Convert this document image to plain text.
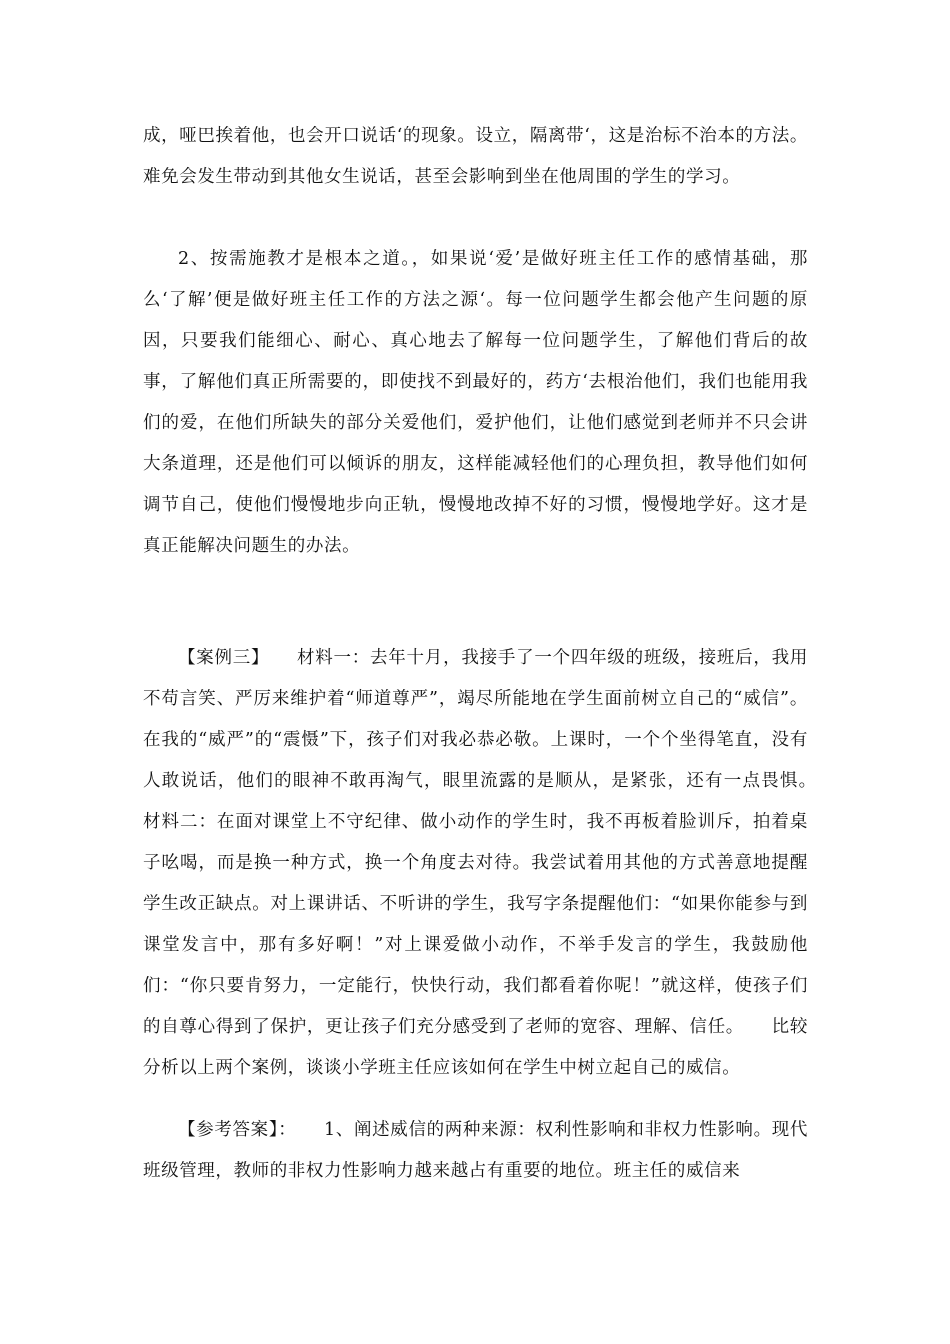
成，哑巴挨着他，也会开口说话‘的现象。设立，隔离带‘，这是治标不治本的方法。难免会发生带动到其他女生说话，甚至会影响到坐在他周围的学生的学习。

2、按需施教才是根本之道。，如果说‘爱’是做好班主任工作的感情基础，那么‘了解’便是做好班主任工作的方法之源‘。每一位问题学生都会他产生问题的原因，只要我们能细心、耐心、真心地去了解每一位问题学生，了解他们背后的故事，了解他们真正所需要的，即使找不到最好的，药方‘去根治他们，我们也能用我们的爱，在他们所缺失的部分关爱他们，爱护他们，让他们感觉到老师并不只会讲大条道理，还是他们可以倾诉的朋友，这样能减轻他们的心理负担，教导他们如何调节自己，使他们慢慢地步向正轨，慢慢地改掉不好的习惯，慢慢地学好。这才是真正能解决问题生的办法。

【案例三】　　材料一：去年十月，我接手了一个四年级的班级，接班后，我用不苟言笑、严厉来维护着“师道尊严”，竭尽所能地在学生面前树立自己的“威信”。在我的“威严”的“震慑”下，孩子们对我必恭必敬。上课时，一个个坐得笔直，没有人敢说话，他们的眼神不敢再淘气，眼里流露的是顺从，是紧张，还有一点畏惧。　　　　　材料二：在面对课堂上不守纪律、做小动作的学生时，我不再板着脸训斥，拍着桌子吆喝，而是换一种方式，换一个角度去对待。我尝试着用其他的方式善意地提醒学生改正缺点。对上课讲话、不听讲的学生，我写字条提醒他们：“如果你能参与到课堂发言中，那有多好啊！”对上课爱做小动作，不举手发言的学生，我鼓励他们：“你只要肯努力，一定能行，快快行动，我们都看着你呢！”就这样，使孩子们的自尊心得到了保护，更让孩子们充分感受到了老师的宽容、理解、信任。　　比较分析以上两个案例，谈谈小学班主任应该如何在学生中树立起自己的威信。

【参考答案】：　　1、阐述威信的两种来源：权利性影响和非权力性影响。现代班级管理，教师的非权力性影响力越来越占有重要的地位。班主任的威信来
